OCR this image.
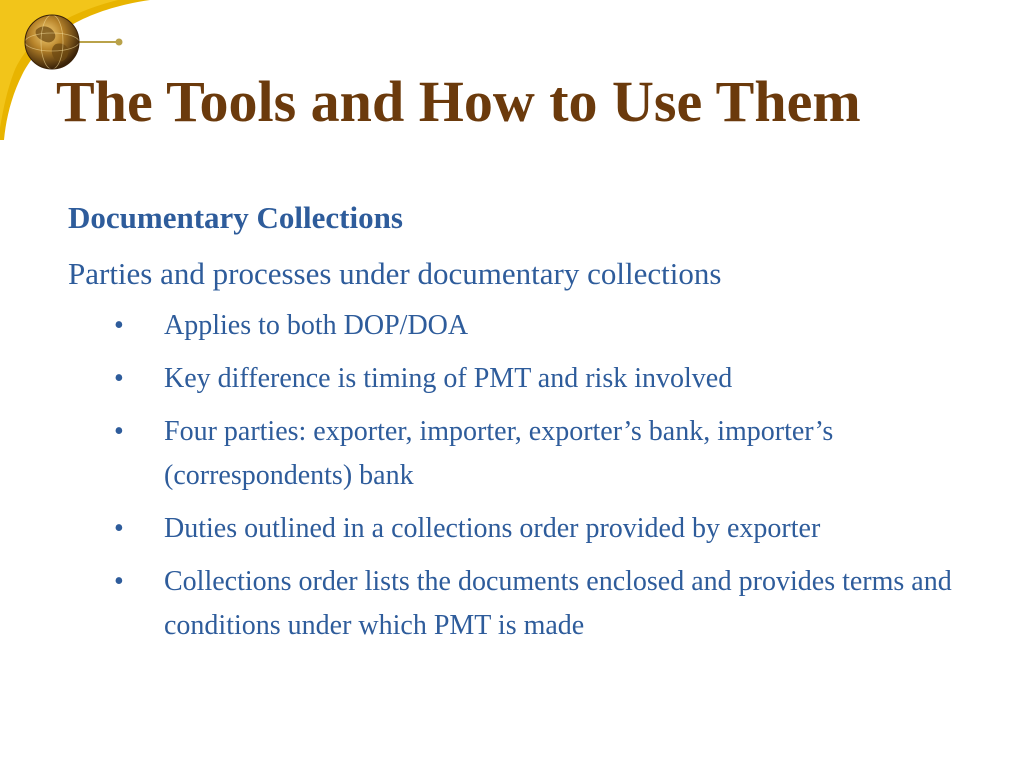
The Tools and How to Use Them

Documentary Collections

Parties and processes under documentary collections

• Applies to both DOP/DOA
• Key difference is timing of PMT and risk involved
• Four parties: exporter, importer, exporter’s bank, importer’s (correspondents) bank
• Duties outlined in a collections order provided by exporter
• Collections order lists the documents enclosed and provides terms and conditions under which PMT is made
